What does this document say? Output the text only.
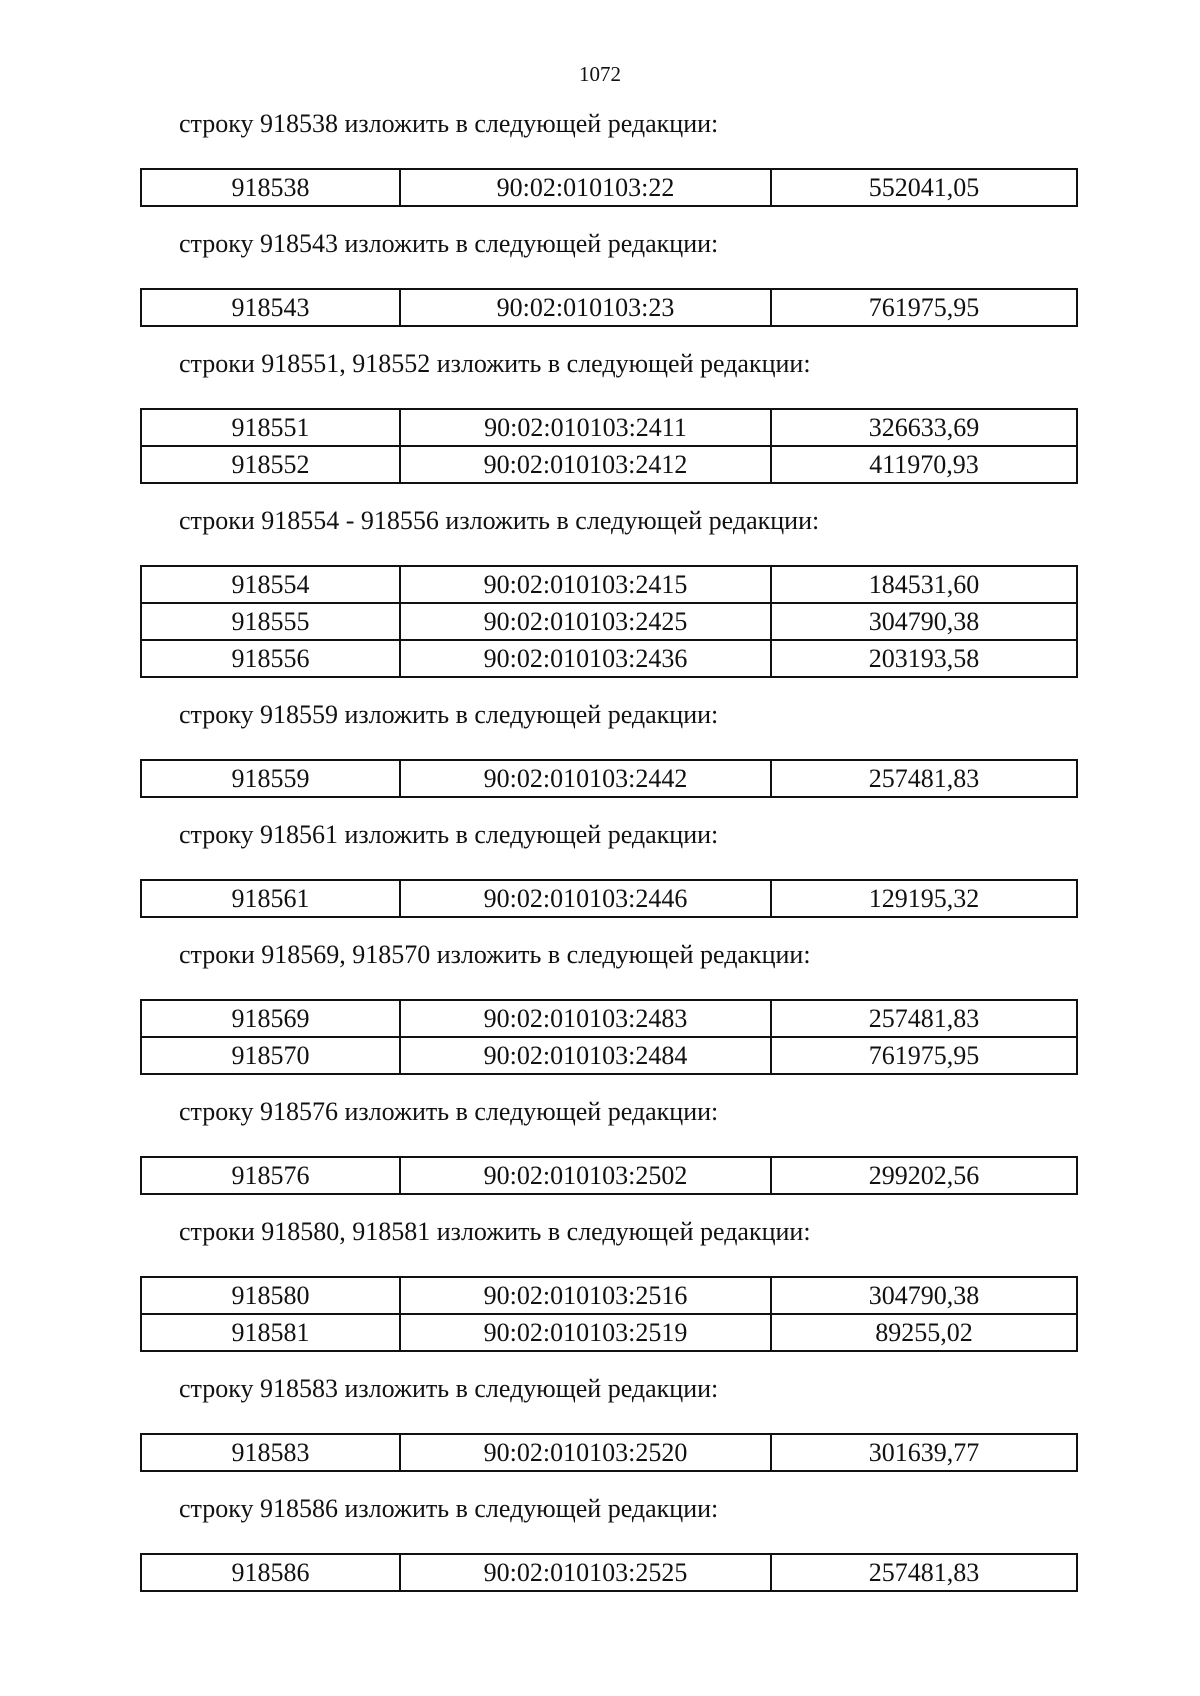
1072
строку 918538 изложить в следующей редакции:
918538	90:02:010103:22	552041,05
строку 918543 изложить в следующей редакции:
918543	90:02:010103:23	761975,95
строки 918551, 918552 изложить в следующей редакции:
918551	90:02:010103:2411	326633,69
918552	90:02:010103:2412	411970,93
строки 918554 - 918556 изложить в следующей редакции:
918554	90:02:010103:2415	184531,60
918555	90:02:010103:2425	304790,38
918556	90:02:010103:2436	203193,58
строку 918559 изложить в следующей редакции:
918559	90:02:010103:2442	257481,83
строку 918561 изложить в следующей редакции:
918561	90:02:010103:2446	129195,32
строки 918569, 918570 изложить в следующей редакции:
918569	90:02:010103:2483	257481,83
918570	90:02:010103:2484	761975,95
строку 918576 изложить в следующей редакции:
918576	90:02:010103:2502	299202,56
строки 918580, 918581 изложить в следующей редакции:
918580	90:02:010103:2516	304790,38
918581	90:02:010103:2519	89255,02
строку 918583 изложить в следующей редакции:
918583	90:02:010103:2520	301639,77
строку 918586 изложить в следующей редакции:
918586	90:02:010103:2525	257481,83
